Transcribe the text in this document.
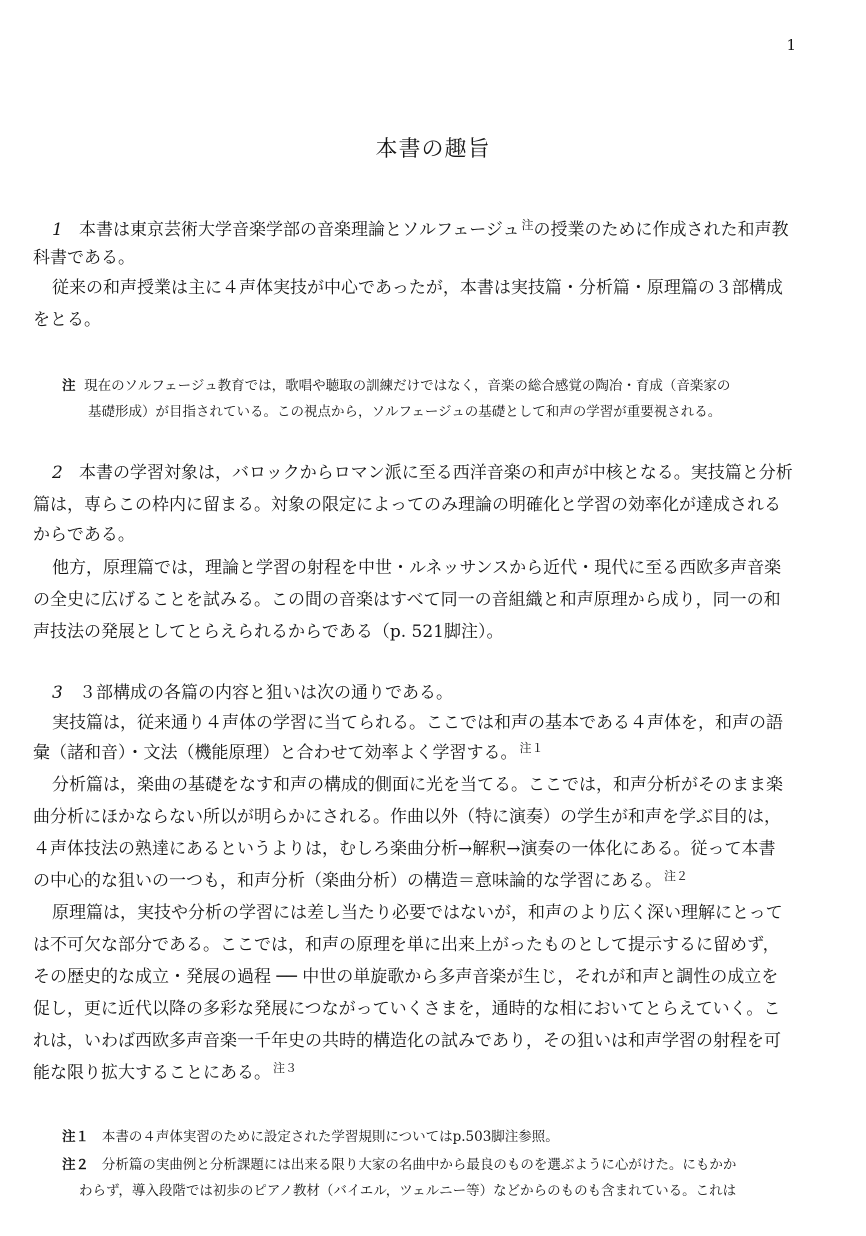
1
本書の趣旨
1 本書は東京芸術大学音楽学部の音楽理論とソルフェージュ $^注$の授業のために作成された和声教
科書である。
従来の和声授業は主に４声体実技が中心であったが，本書は実技篇・分析篇・原理篇の３部構成
をとる。
注 現在のソルフェージュ教育では，歌唱や聴取の訓練だけではなく，音楽の総合感覚の陶冶・育成（音楽家の
基礎形成）が目指されている。この視点から，ソルフェージュの基礎として和声の学習が重要視される。
2 本書の学習対象は，バロックからロマン派に至る西洋音楽の和声が中核となる。実技篇と分析
篇は，専らこの枠内に留まる。対象の限定によってのみ理論の明確化と学習の効率化が達成される
からである。
他方，原理篇では，理論と学習の射程を中世・ルネッサンスから近代・現代に至る西欧多声音楽
の全史に広げることを試みる。この間の音楽はすべて同一の音組織と和声原理から成り，同一の和
声技法の発展としてとらえられるからである（p. 521脚注）。
3 ３部構成の各篇の内容と狙いは次の通りである。
実技篇は，従来通り４声体の学習に当てられる。ここでは和声の基本である４声体を，和声の語
彙（諸和音）・文法（機能原理）と合わせて効率よく学習する。 $^{注1}$
分析篇は，楽曲の基礎をなす和声の構成的側面に光を当てる。ここでは，和声分析がそのまま楽
曲分析にほかならない所以が明らかにされる。作曲以外（特に演奏）の学生が和声を学ぶ目的は，
４声体技法の熟達にあるというよりは，むしろ楽曲分析→解釈→演奏の一体化にある。従って本書
の中心的な狙いの一つも，和声分析（楽曲分析）の構造＝意味論的な学習にある。 $^{注2}$
原理篇は，実技や分析の学習には差し当たり必要ではないが，和声のより広く深い理解にとって
は不可欠な部分である。ここでは，和声の原理を単に出来上がったものとして提示するに留めず，
その歴史的な成立・発展の過程 ── 中世の単旋歌から多声音楽が生じ，それが和声と調性の成立を
促し，更に近代以降の多彩な発展につながっていくさまを，通時的な相においてとらえていく。こ
れは，いわば西欧多声音楽一千年史の共時的構造化の試みであり，その狙いは和声学習の射程を可
能な限り拡大することにある。 $^{注3}$
注１ 本書の４声体実習のために設定された学習規則についてはp.503脚注参照。
注２ 分析篇の実曲例と分析課題には出来る限り大家の名曲中から最良のものを選ぶように心がけた。にもかか
わらず，導入段階では初歩のピアノ教材（バイエル，ツェルニー等）などからのものも含まれている。これは
